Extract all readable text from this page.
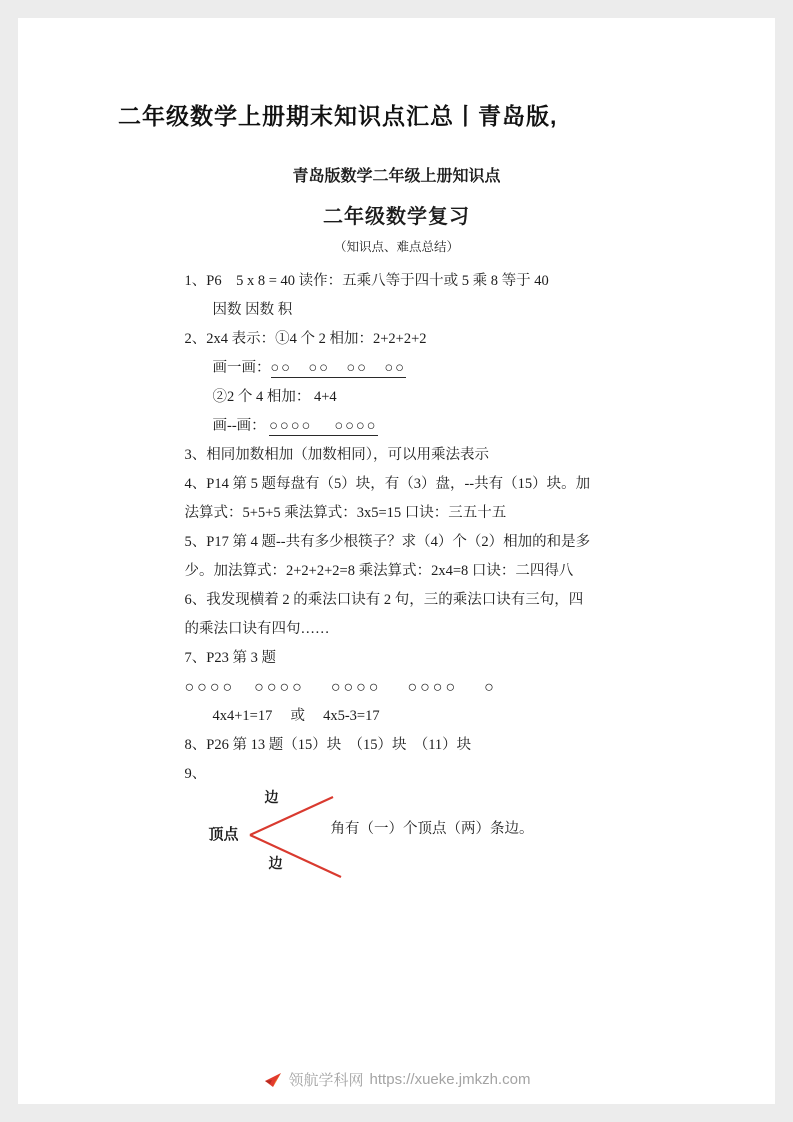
二年级数学上册期末知识点汇总丨青岛版,
青岛版数学二年级上册知识点
二年级数学复习
（知识点、难点总结）

1、P6　5 x 8 = 40 读作：五乘八等于四十或 5 乘 8 等于 40

因数 因数 积

2、2x4 表示：①4 个 2 相加：2+2+2+2

画一画：○○　○○　○○　○○

②2 个 4 相加： 4+4

画--画： ○○○○　 ○○○○

3、相同加数相加（加数相同），可以用乘法表示

4、P14 第 5 题每盘有（5）块，有（3）盘，--共有（15）块。加

法算式：5+5+5 乘法算式：3x5=15 口诀：三五十五

5、P17 第 4 题--共有多少根筷子？求（4）个（2）相加的和是多

少。加法算式：2+2+2+2=8 乘法算式：2x4=8 口诀：二四得八

6、我发现横着 2 的乘法口诀有 2 句，三的乘法口诀有三句，四

的乘法口诀有四句……

7、P23 第 3 题

○○○○　○○○○　 ○○○○　 ○○○○　 ○

4x4+1=17　 或　 4x5-3=17

8、P26 第 13 题（15）块　（15）块　（11）块

9、

顶点
边
边
角有（一）个顶点（两）条边。
领航学科网 https://xueke.jmkzh.com
